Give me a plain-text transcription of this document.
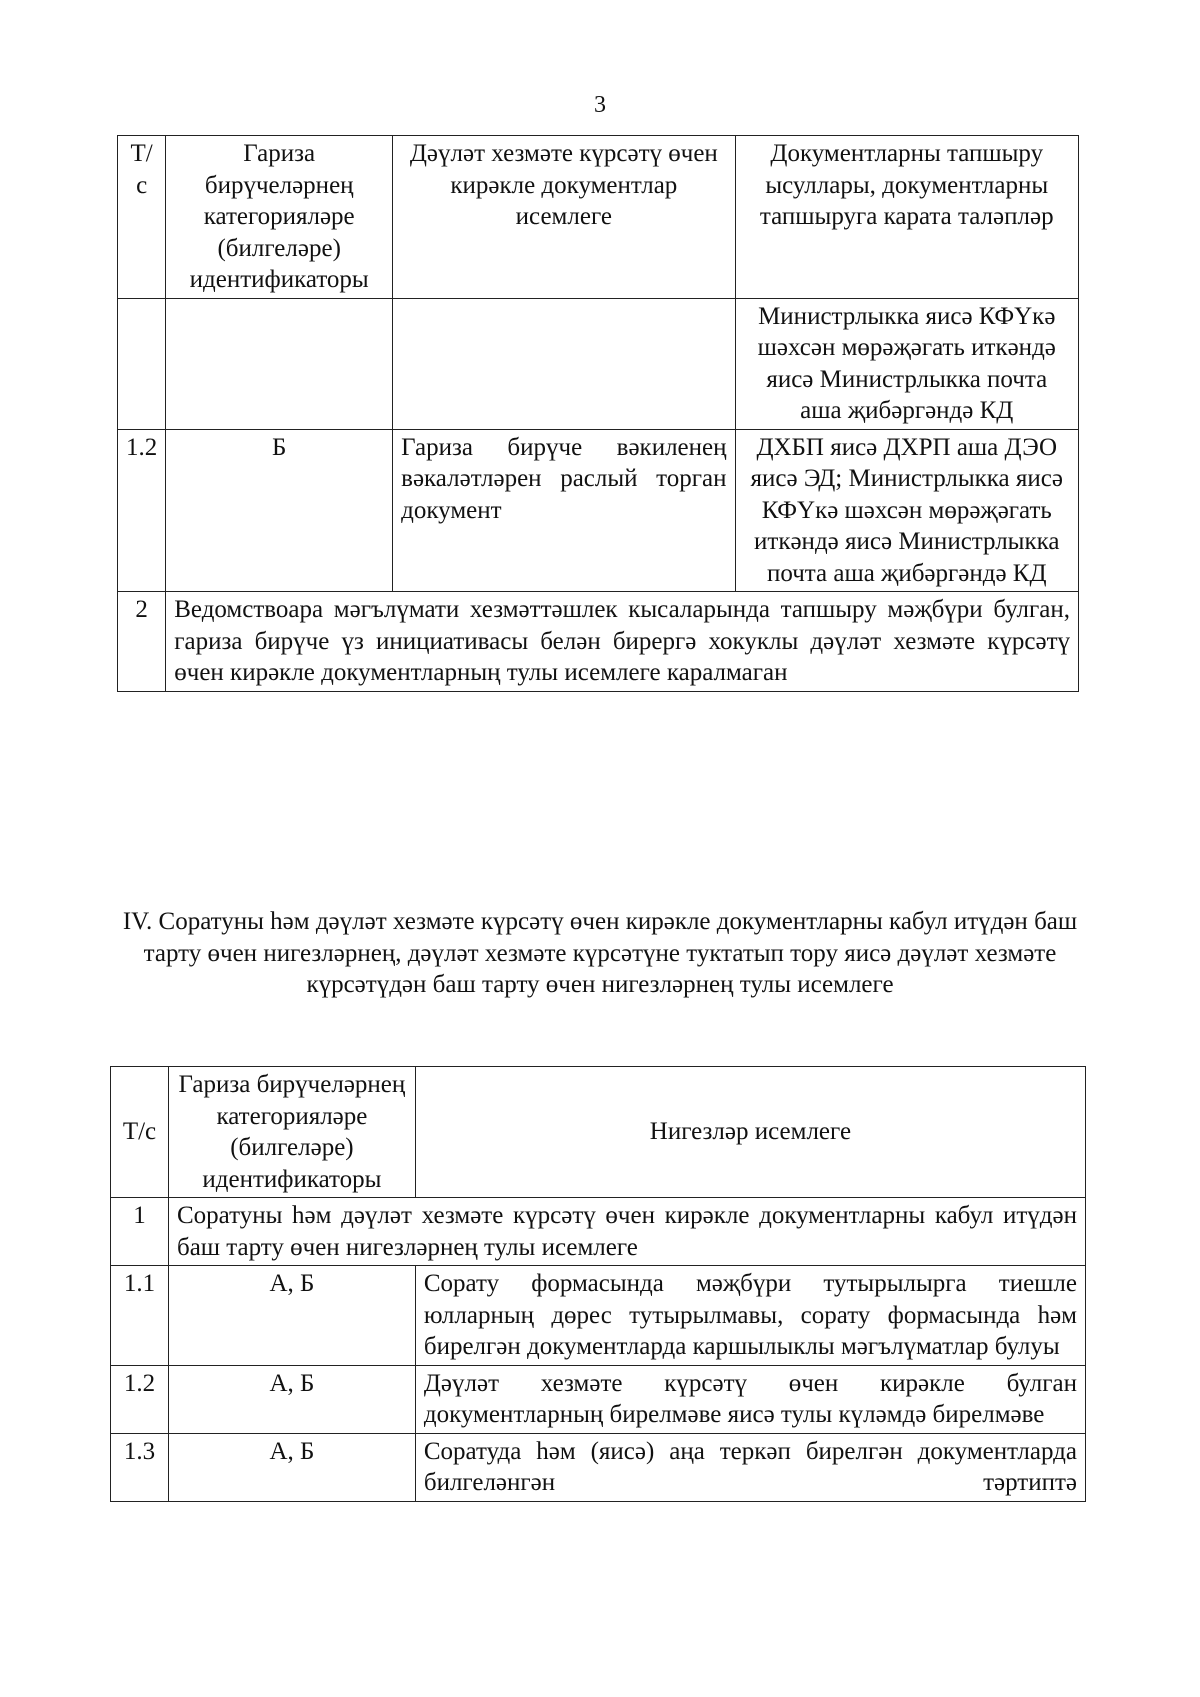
3
Т/с	Гариза бирүчеләрнең категорияләре (билгеләре) идентификаторы	Дәүләт хезмәте күрсәтү өчен кирәкле документлар исемлеге	Документларны тапшыру ысуллары, документларны тапшыруга карата таләпләр
			Министрлыкка яисә КФҮкә шәхсән мөрәҗәгать иткәндә яисә Министрлыкка почта аша җибәргәндә КД
1.2	Б	Гариза бирүче вәкиленең вәкаләтләрен раслый торган документ	ДХБП яисә ДХРП аша ДЭО яисә ЭД; Министрлыкка яисә КФҮкә шәхсән мөрәҗәгать иткәндә яисә Министрлыкка почта аша җибәргәндә КД
2	Ведомствоара мәгълүмати хезмәттәшлек кысаларында тапшыру мәҗбүри булган, гариза бирүче үз инициативасы белән бирергә хокуклы дәүләт хезмәте күрсәтү өчен кирәкле документларның тулы исемлеге каралмаган		
IV. Соратуны һәм дәүләт хезмәте күрсәтү өчен кирәкле документларны кабул итүдән баш тарту өчен нигезләрнең, дәүләт хезмәте күрсәтүне туктатып тору яисә дәүләт хезмәте күрсәтүдән баш тарту өчен нигезләрнең тулы исемлеге
Т/с	Гариза бирүчеләрнең категорияләре (билгеләре) идентификаторы	Нигезләр исемлеге
1	Соратуны һәм дәүләт хезмәте күрсәтү өчен кирәкле документларны кабул итүдән баш тарту өчен нигезләрнең тулы исемлеге	
1.1	А, Б	Сорату формасында мәҗбүри тутырылырга тиешле юлларның дөрес тутырылмавы, сорату формасында һәм бирелгән документларда каршылыклы мәгълүматлар булуы
1.2	А, Б	Дәүләт хезмәте күрсәтү өчен кирәкле булган документларның бирелмәве яисә тулы күләмдә бирелмәве
1.3	А, Б	Соратуда һәм (яисә) аңа теркәп бирелгән документларда билгеләнгән тәртиптә
